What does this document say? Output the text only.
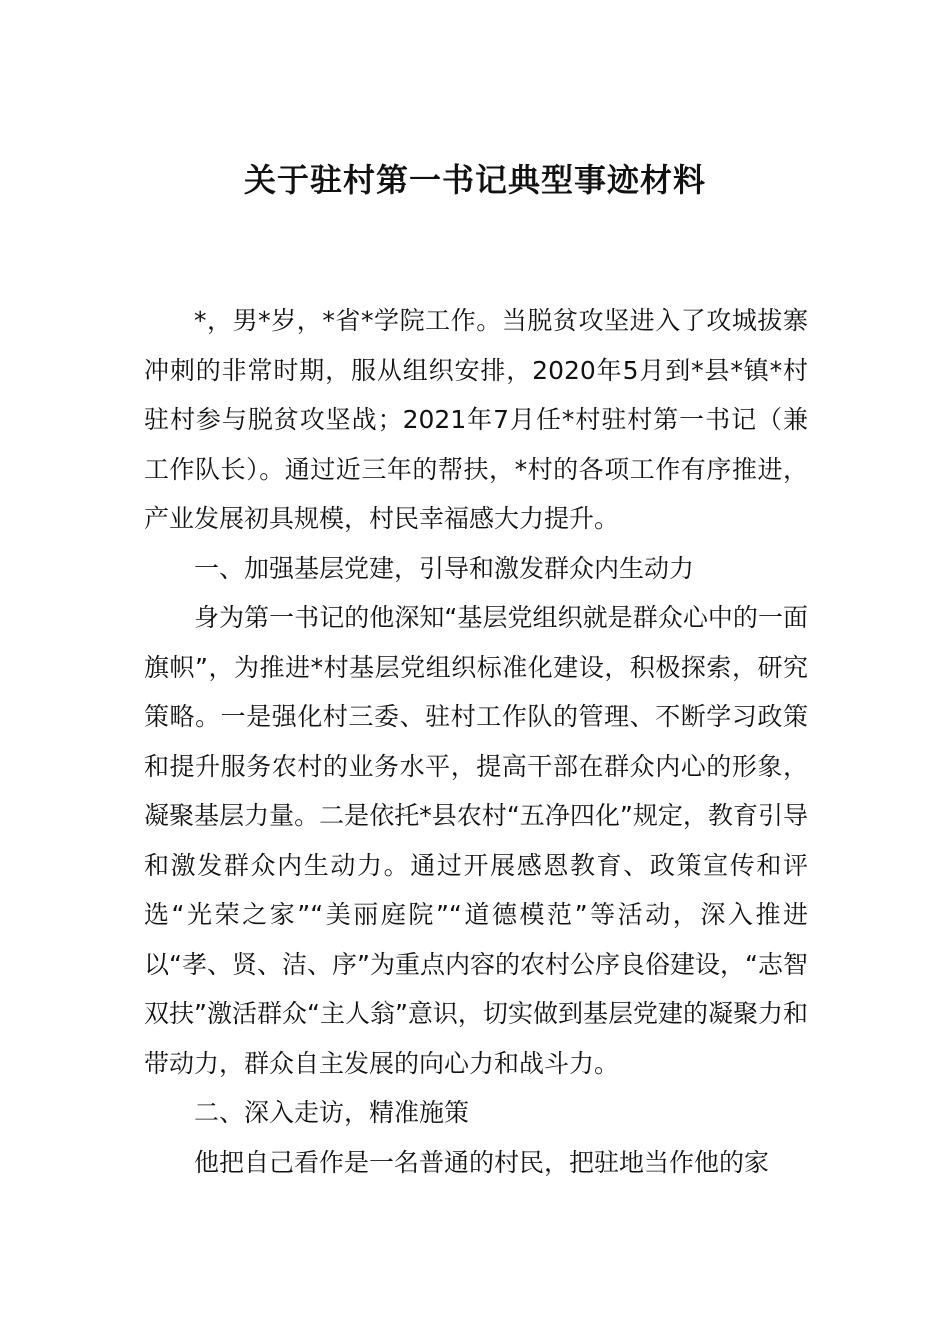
关于驻村第一书记典型事迹材料

*，男*岁，*省*学院工作。当脱贫攻坚进入了攻城拔寨冲刺的非常时期，服从组织安排，2020年5月到*县*镇*村驻村参与脱贫攻坚战；2021年7月任*村驻村第一书记（兼工作队长）。通过近三年的帮扶，*村的各项工作有序推进，产业发展初具规模，村民幸福感大力提升。

一、加强基层党建，引导和激发群众内生动力

身为第一书记的他深知“基层党组织就是群众心中的一面旗帜”，为推进*村基层党组织标准化建设，积极探索，研究策略。一是强化村三委、驻村工作队的管理、不断学习政策和提升服务农村的业务水平，提高干部在群众内心的形象，凝聚基层力量。二是依托*县农村“五净四化”规定，教育引导和激发群众内生动力。通过开展感恩教育、政策宣传和评选“光荣之家”“美丽庭院”“道德模范”等活动，深入推进以“孝、贤、洁、序”为重点内容的农村公序良俗建设，“志智双扶”激活群众“主人翁”意识，切实做到基层党建的凝聚力和带动力，群众自主发展的向心力和战斗力。

二、深入走访，精准施策

他把自己看作是一名普通的村民，把驻地当作他的家
